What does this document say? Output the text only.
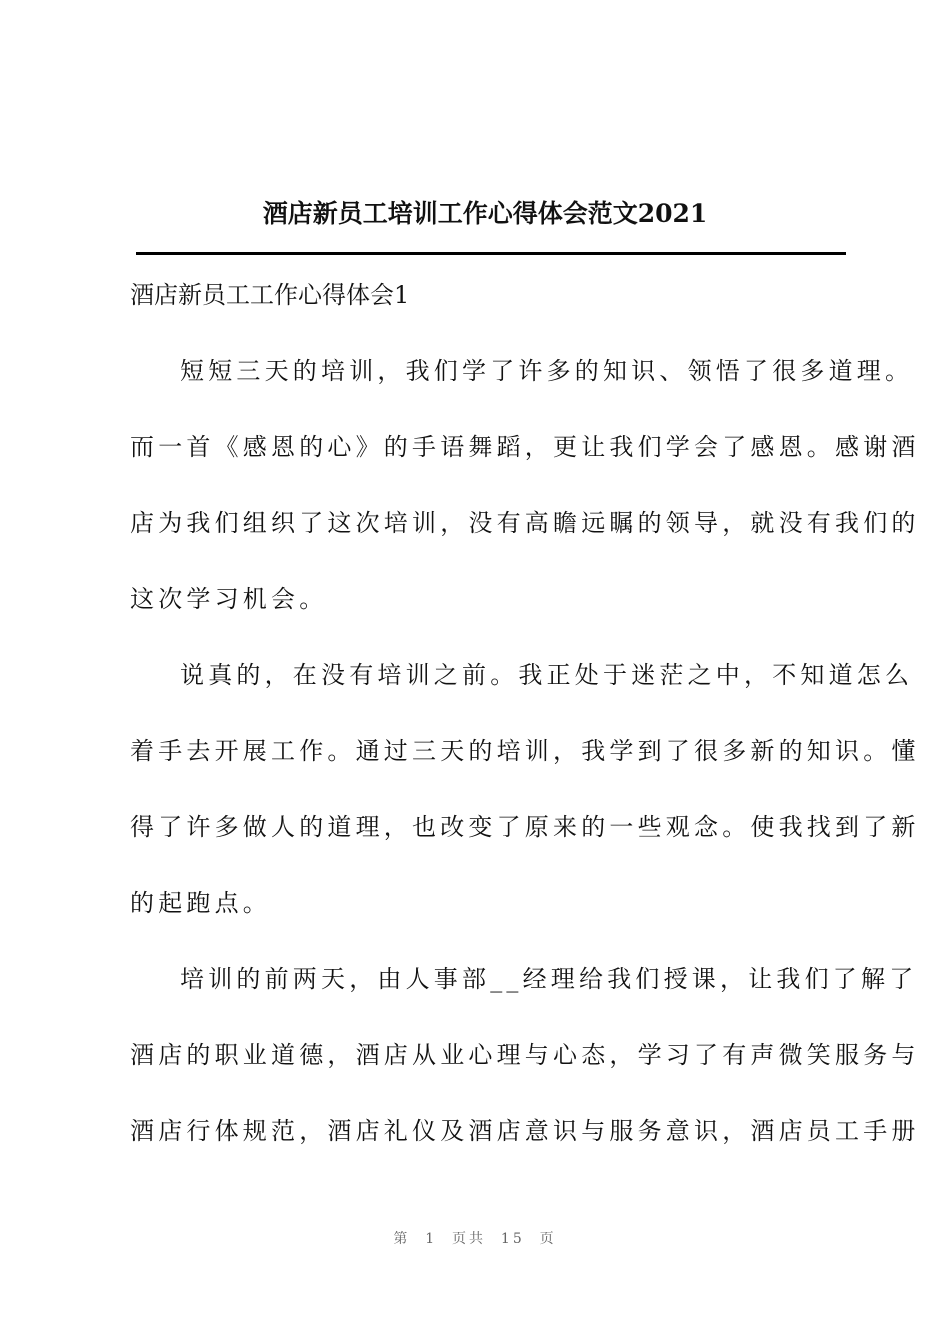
酒店新员工培训工作心得体会范文2021
酒店新员工工作心得体会1
短短三天的培训，我们学了许多的知识、领悟了很多道理。
而一首《感恩的心》的手语舞蹈，更让我们学会了感恩。感谢酒
店为我们组织了这次培训，没有高瞻远瞩的领导，就没有我们的
这次学习机会。
说真的，在没有培训之前。我正处于迷茫之中，不知道怎么
着手去开展工作。通过三天的培训，我学到了很多新的知识。懂
得了许多做人的道理，也改变了原来的一些观念。使我找到了新
的起跑点。
培训的前两天，由人事部__经理给我们授课，让我们了解了
酒店的职业道德，酒店从业心理与心态，学习了有声微笑服务与
酒店行体规范，酒店礼仪及酒店意识与服务意识，酒店员工手册
第  1  页共  15  页
